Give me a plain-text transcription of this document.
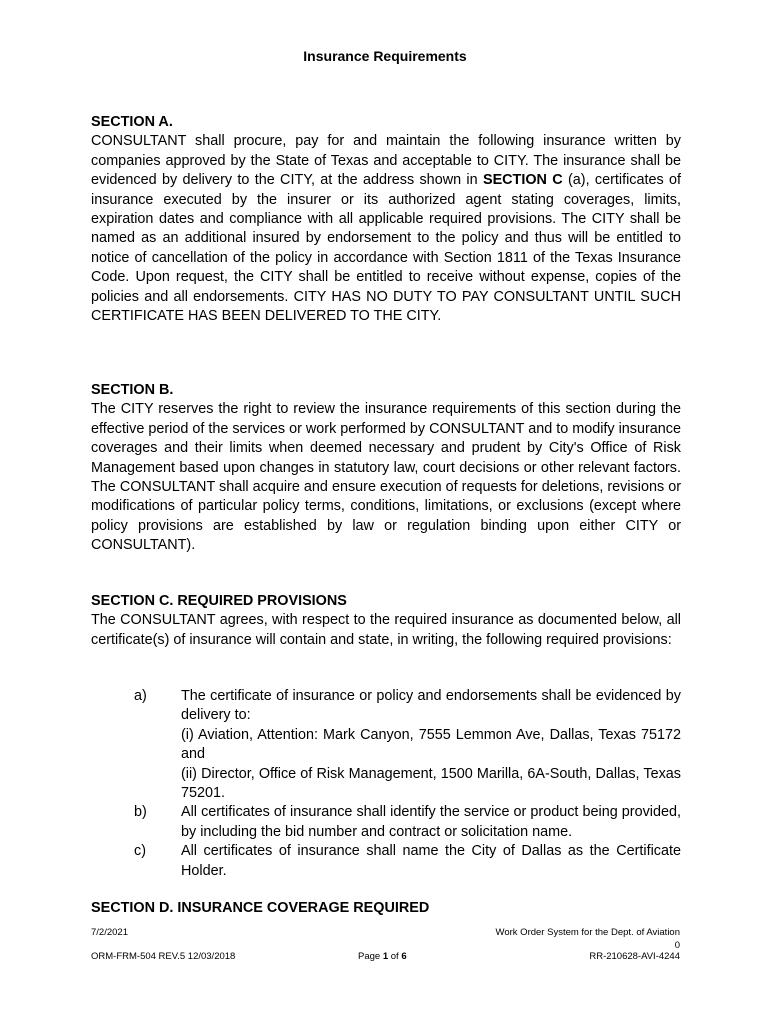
Insurance Requirements
SECTION A.
CONSULTANT shall procure, pay for and maintain the following insurance written by companies approved by the State of Texas and acceptable to CITY. The insurance shall be evidenced by delivery to the CITY, at the address shown in SECTION C (a), certificates of insurance executed by the insurer or its authorized agent stating coverages, limits, expiration dates and compliance with all applicable required provisions. The CITY shall be named as an additional insured by endorsement to the policy and thus will be entitled to notice of cancellation of the policy in accordance with Section 1811 of the Texas Insurance Code. Upon request, the CITY shall be entitled to receive without expense, copies of the policies and all endorsements. CITY HAS NO DUTY TO PAY CONSULTANT UNTIL SUCH CERTIFICATE HAS BEEN DELIVERED TO THE CITY.
SECTION B.
The CITY reserves the right to review the insurance requirements of this section during the effective period of the services or work performed by CONSULTANT and to modify insurance coverages and their limits when deemed necessary and prudent by City's Office of Risk Management based upon changes in statutory law, court decisions or other relevant factors. The CONSULTANT shall acquire and ensure execution of requests for deletions, revisions or modifications of particular policy terms, conditions, limitations, or exclusions (except where policy provisions are established by law or regulation binding upon either CITY or CONSULTANT).
SECTION C. REQUIRED PROVISIONS
The CONSULTANT agrees, with respect to the required insurance as documented below, all certificate(s) of insurance will contain and state, in writing, the following required provisions:
a)	The certificate of insurance or policy and endorsements shall be evidenced by delivery to:
(i) Aviation, Attention: Mark Canyon, 7555 Lemmon Ave, Dallas, Texas 75172 and
(ii) Director, Office of Risk Management, 1500 Marilla, 6A-South, Dallas, Texas 75201.
b)	All certificates of insurance shall identify the service or product being provided, by including the bid number and contract or solicitation name.
c)	All certificates of insurance shall name the City of Dallas as the Certificate Holder.
SECTION D. INSURANCE COVERAGE REQUIRED
7/2/2021	Work Order System for the Dept. of Aviation
0
ORM-FRM-504 REV.5 12/03/2018	Page 1 of 6	RR-210628-AVI-4244
